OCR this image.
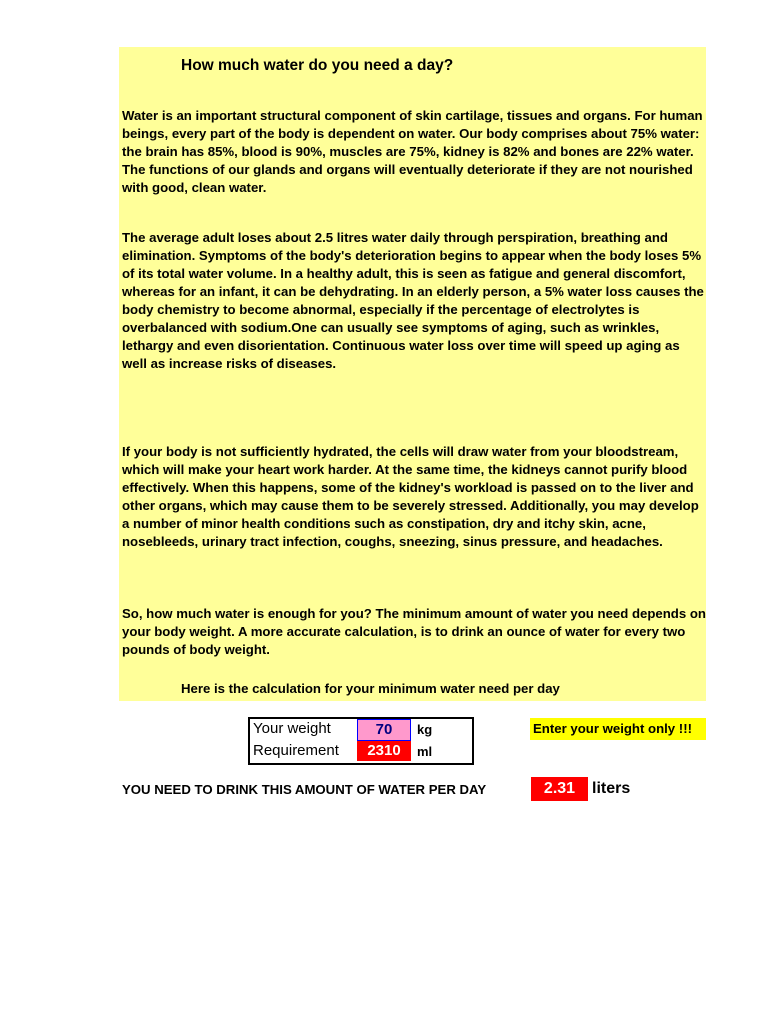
How much water do you need a day?

Water is an important structural component of skin cartilage, tissues and organs. For human beings, every part of the body is dependent on water. Our body comprises about 75% water: the brain has 85%, blood is 90%, muscles are 75%, kidney is 82% and bones are 22% water. The functions of our glands and organs will eventually deteriorate if they are not nourished with good, clean water.

The average adult loses about 2.5 litres water daily through perspiration, breathing and elimination. Symptoms of the body's deterioration begins to appear when the body loses 5% of its total water volume. In a healthy adult, this is seen as fatigue and general discomfort, whereas for an infant, it can be dehydrating. In an elderly person, a 5% water loss causes the body chemistry to become abnormal, especially if the percentage of electrolytes is overbalanced with sodium.One can usually see symptoms of aging, such as wrinkles, lethargy and even disorientation. Continuous water loss over time will speed up aging as well as increase risks of diseases.

If your body is not sufficiently hydrated, the cells will draw water from your bloodstream, which will make your heart work harder. At the same time, the kidneys cannot purify blood effectively. When this happens, some of the kidney's workload is passed on to the liver and other organs, which may cause them to be severely stressed. Additionally, you may develop a number of minor health conditions such as constipation, dry and itchy skin, acne, nosebleeds, urinary tract infection, coughs, sneezing, sinus pressure, and headaches.

So, how much water is enough for you? The minimum amount of water you need depends on your body weight. A more accurate calculation, is to drink an ounce of water for every two pounds of body weight.

Here is the calculation for your minimum water need per day
Your weight	70	kg
Requirement	2310	ml
Enter your weight only !!!
YOU NEED TO DRINK THIS AMOUNT OF WATER PER DAY	2.31	liters
